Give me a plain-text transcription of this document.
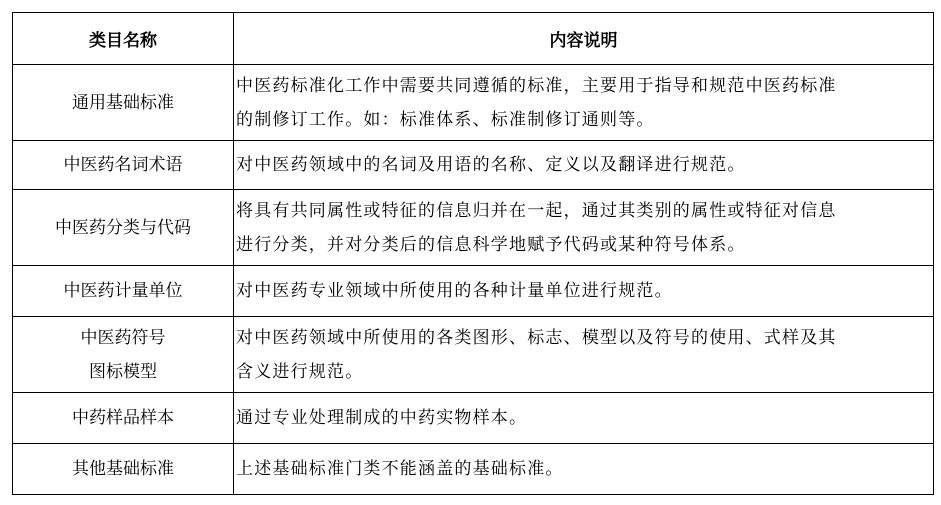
类目名称	内容说明

通用基础标准	中医药标准化工作中需要共同遵循的标准，主要用于指导和规范中医药标准
的制修订工作。如：标准体系、标准制修订通则等。

中医药名词术语	对中医药领域中的名词及用语的名称、定义以及翻译进行规范。

中医药分类与代码	将具有共同属性或特征的信息归并在一起，通过其类别的属性或特征对信息
进行分类，并对分类后的信息科学地赋予代码或某种符号体系。

中医药计量单位	对中医药专业领域中所使用的各种计量单位进行规范。

中医药符号
图标模型	对中医药领域中所使用的各类图形、标志、模型以及符号的使用、式样及其
含义进行规范。

中药样品样本	通过专业处理制成的中药实物样本。

其他基础标准	上述基础标准门类不能涵盖的基础标准。
